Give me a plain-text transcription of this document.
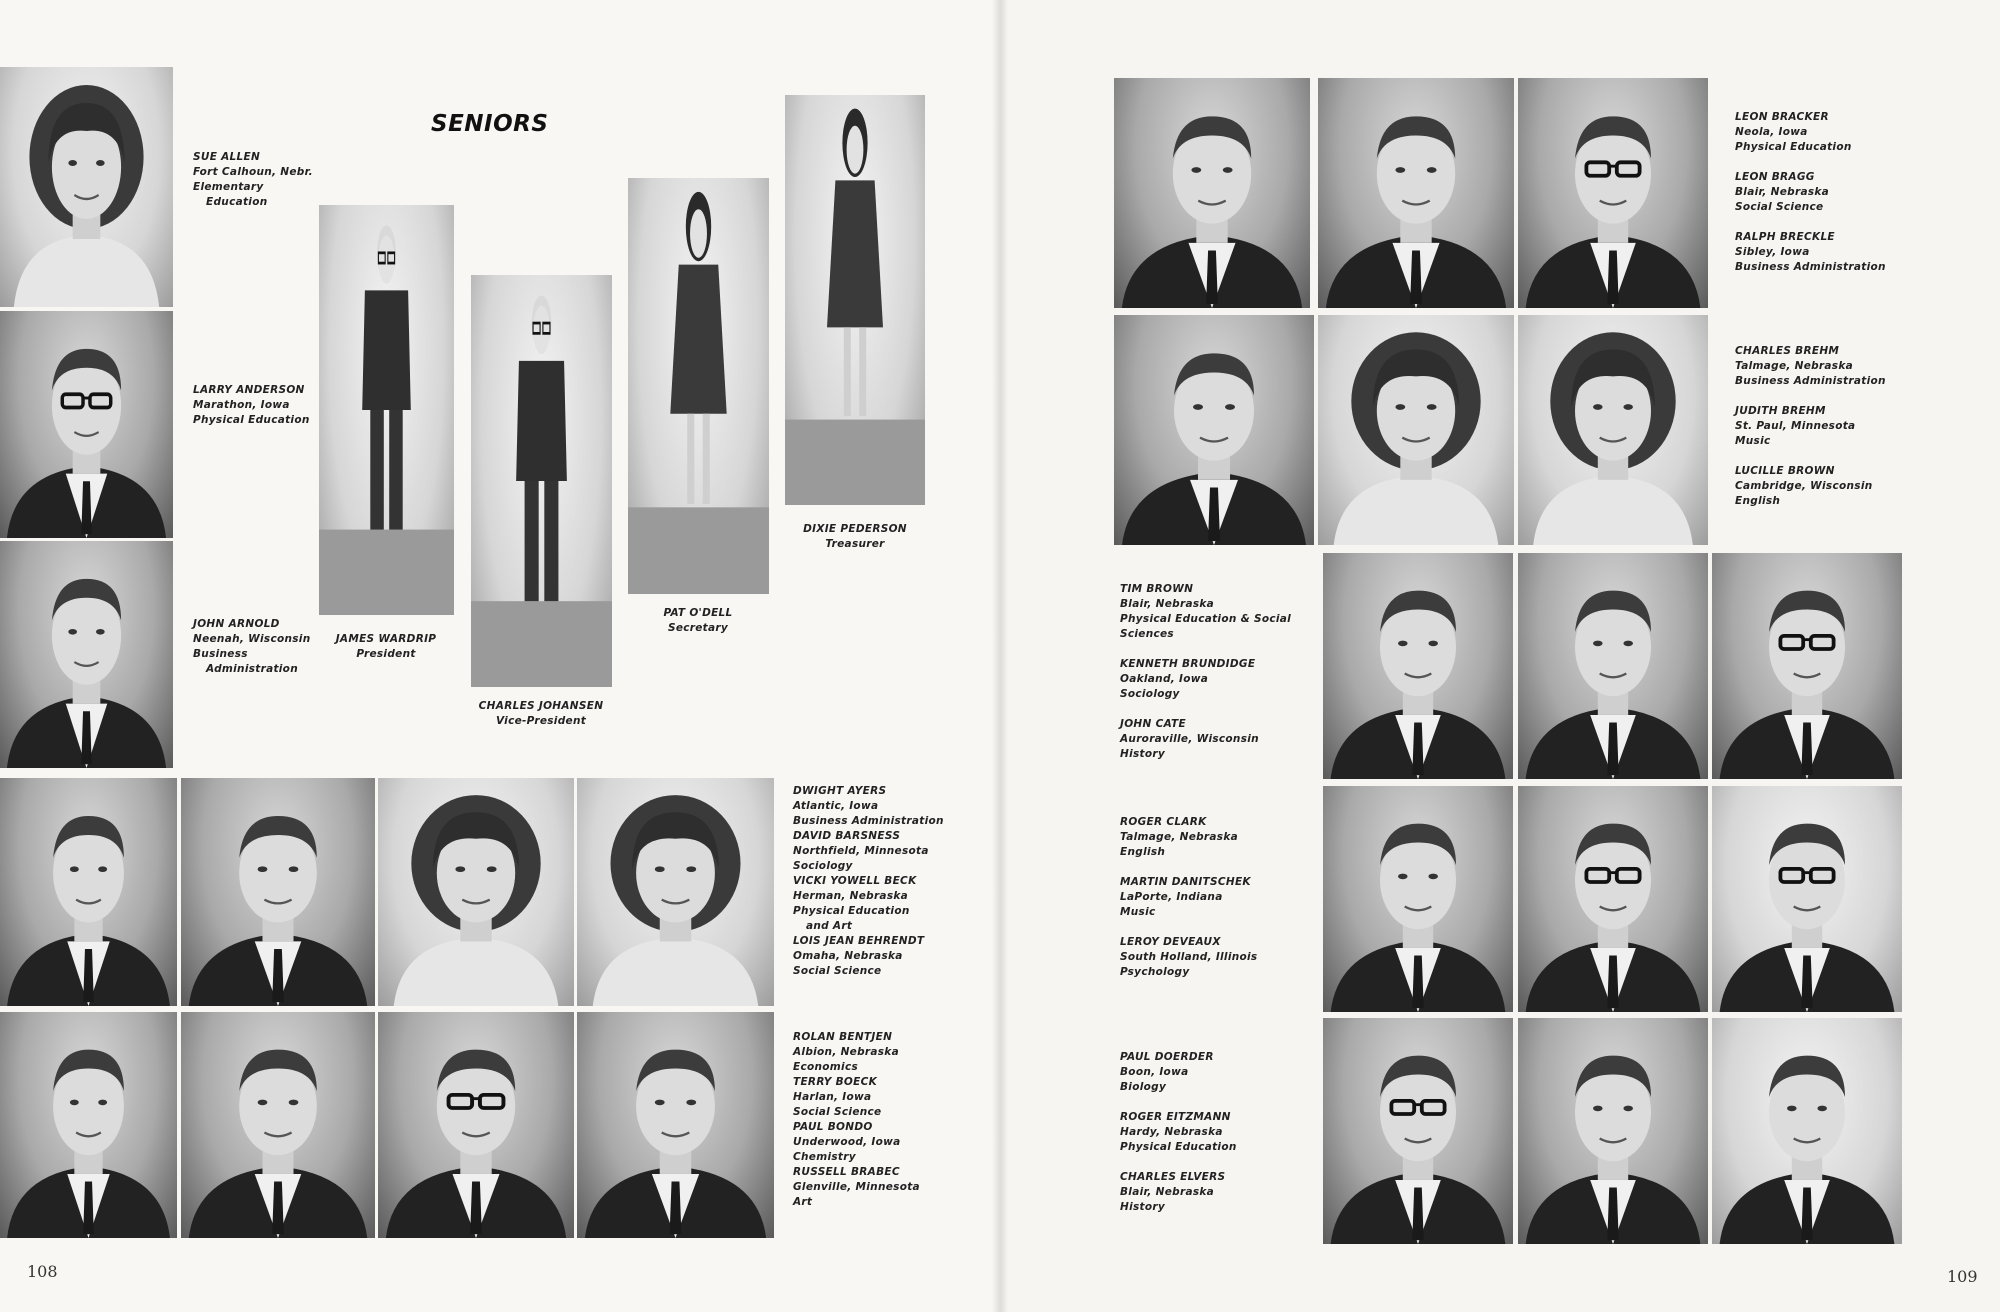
SENIORS
SUE ALLEN
Fort Calhoun, Nebr.
Elementary
Education
LARRY ANDERSON
Marathon, Iowa
Physical Education
JOHN ARNOLD
Neenah, Wisconsin
Business
Administration
JAMES WARDRIP
President
CHARLES JOHANSEN
Vice-President
PAT O'DELL
Secretary
DIXIE PEDERSON
Treasurer
DWIGHT AYERS
Atlantic, Iowa
Business Administration
DAVID BARSNESS
Northfield, Minnesota
Sociology
VICKI YOWELL BECK
Herman, Nebraska
Physical Education
and Art
LOIS JEAN BEHRENDT
Omaha, Nebraska
Social Science
ROLAN BENTJEN
Albion, Nebraska
Economics
TERRY BOECK
Harlan, Iowa
Social Science
PAUL BONDO
Underwood, Iowa
Chemistry
RUSSELL BRABEC
Glenville, Minnesota
Art
108
LEON BRACKER
Neola, Iowa
Physical Education
LEON BRAGG
Blair, Nebraska
Social Science
RALPH BRECKLE
Sibley, Iowa
Business Administration
CHARLES BREHM
Talmage, Nebraska
Business Administration
JUDITH BREHM
St. Paul, Minnesota
Music
LUCILLE BROWN
Cambridge, Wisconsin
English
TIM BROWN
Blair, Nebraska
Physical Education & Social
Sciences
KENNETH BRUNDIDGE
Oakland, Iowa
Sociology
JOHN CATE
Auroraville, Wisconsin
History
ROGER CLARK
Talmage, Nebraska
English
MARTIN DANITSCHEK
LaPorte, Indiana
Music
LEROY DEVEAUX
South Holland, Illinois
Psychology
PAUL DOERDER
Boon, Iowa
Biology
ROGER EITZMANN
Hardy, Nebraska
Physical Education
CHARLES ELVERS
Blair, Nebraska
History
109
